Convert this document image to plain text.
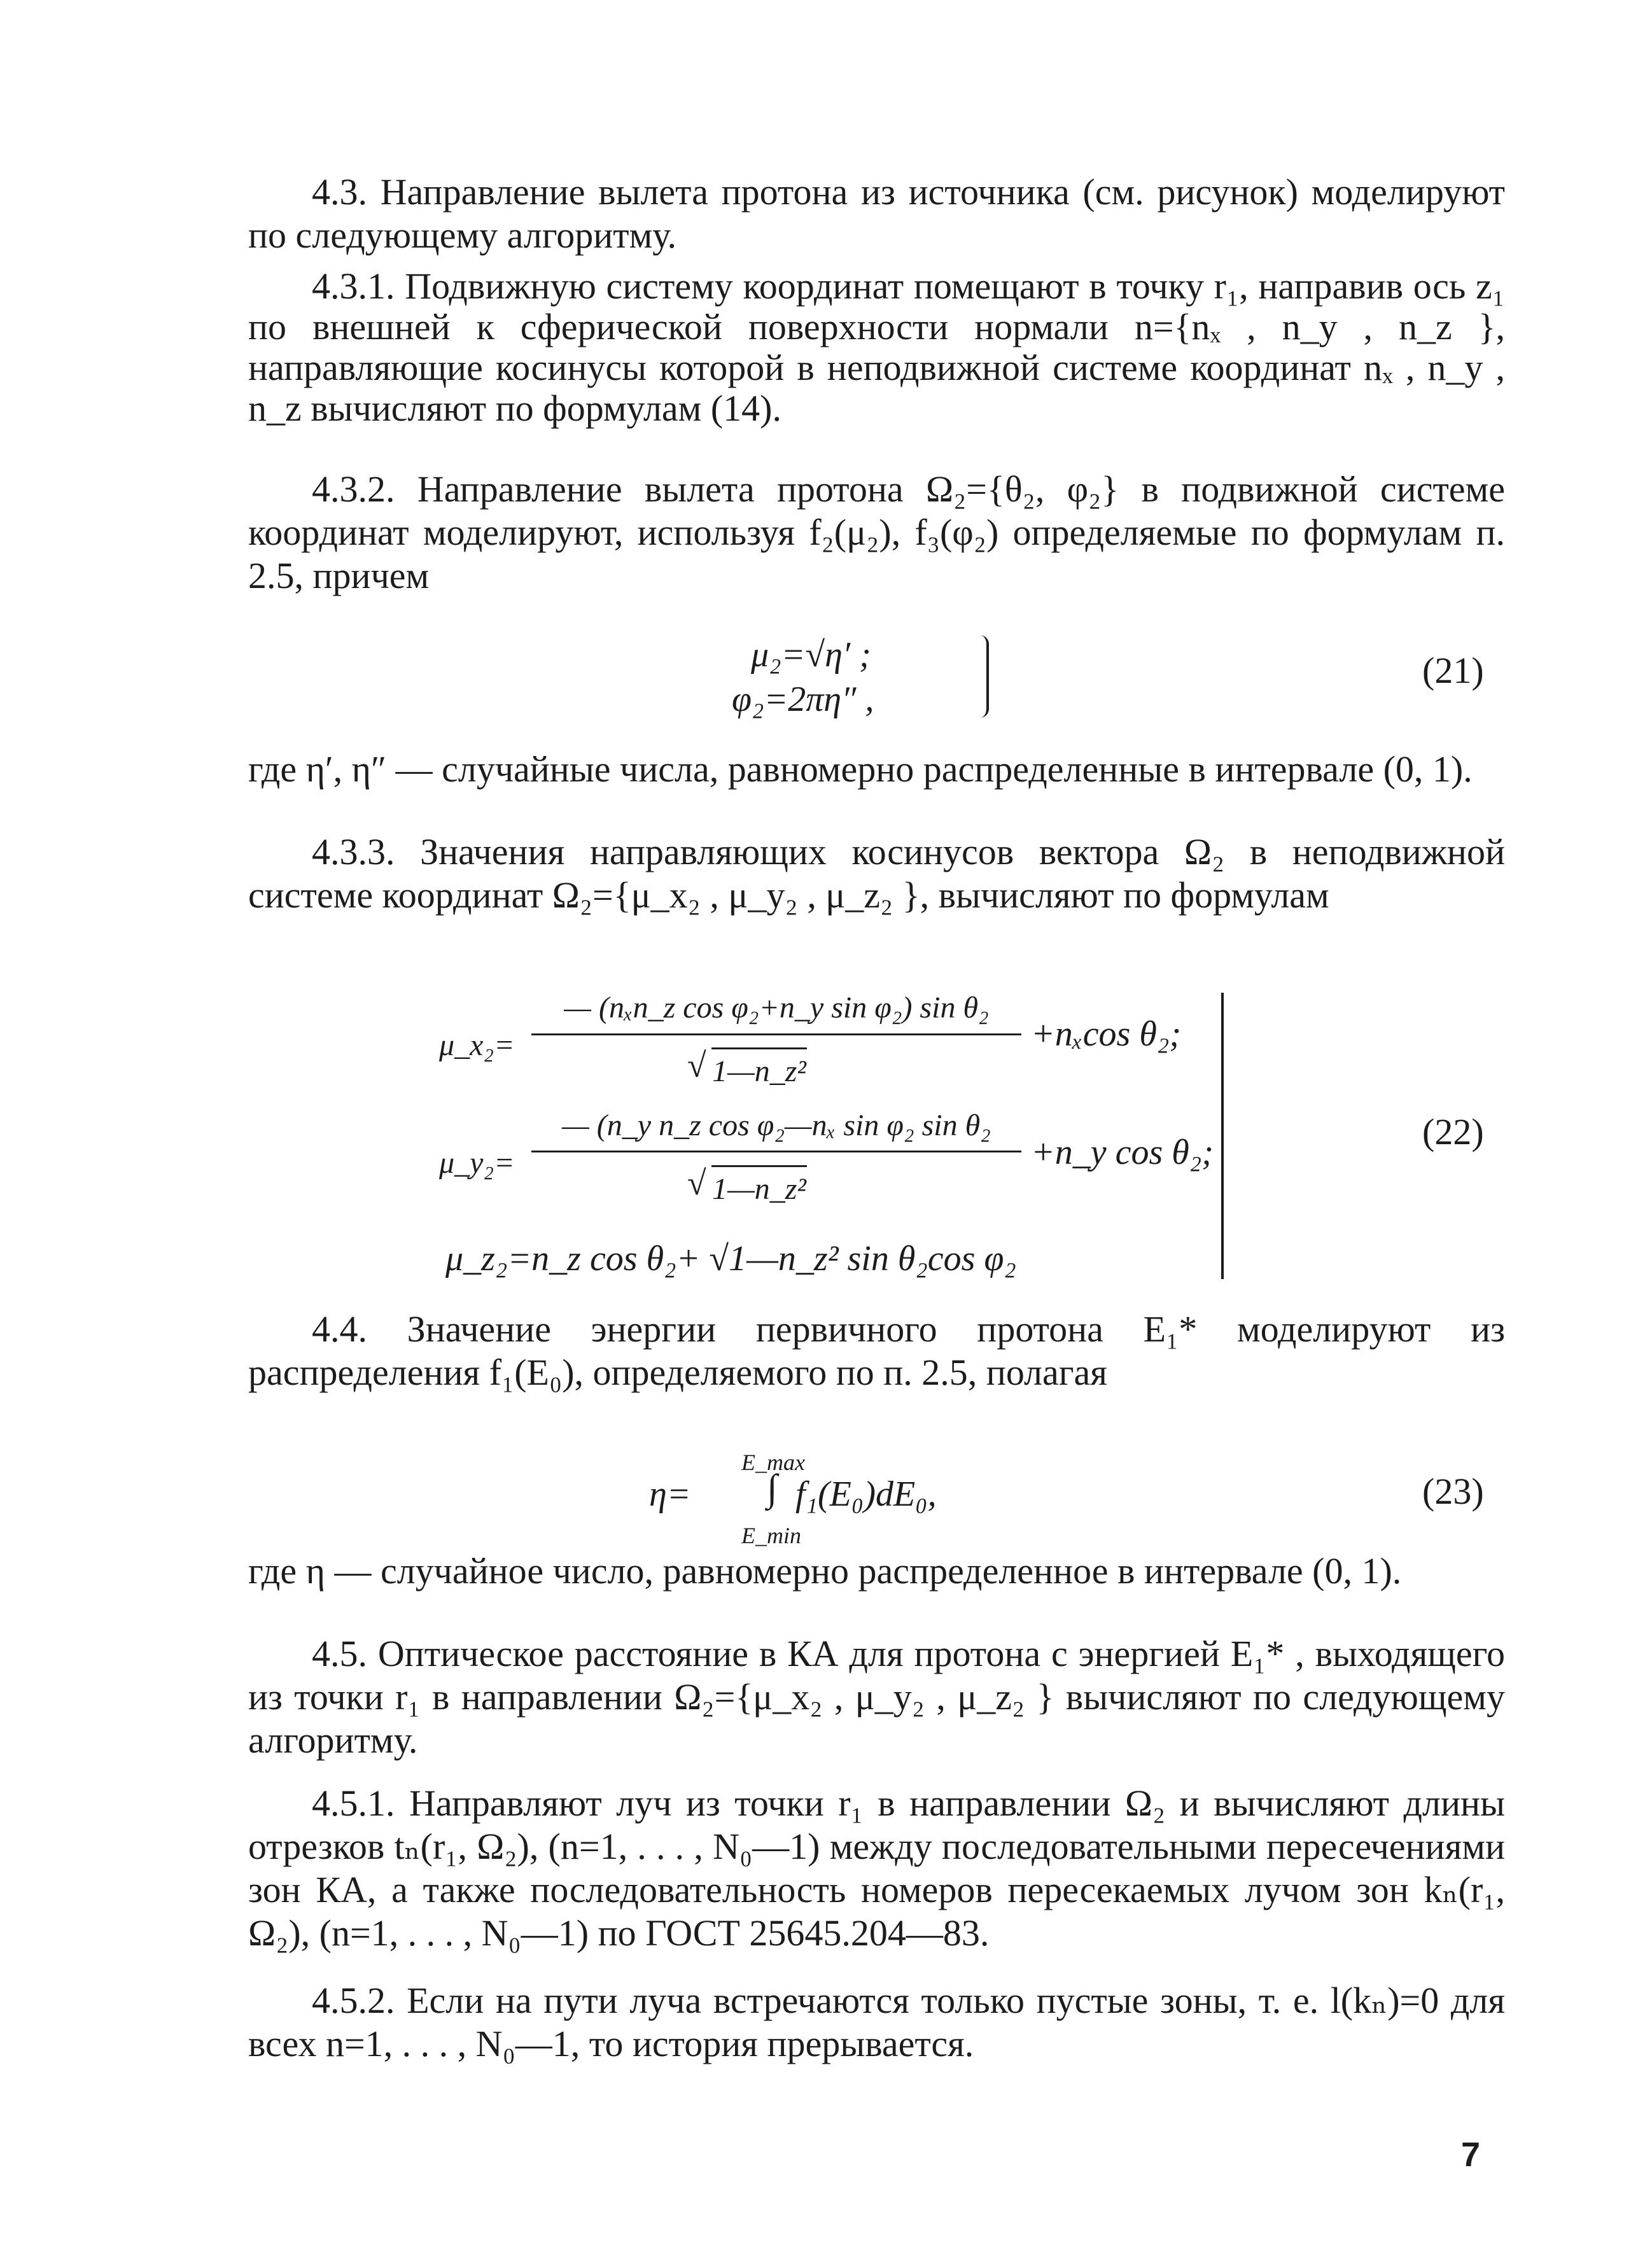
4.3. Направление вылета протона из источника (см. рисунок) моделируют по следующему алгоритму.

4.3.1. Подвижную систему координат помещают в точку r₁, направив ось z₁ по внешней к сферической поверхности нормали n={nₓ , n_y , n_z }, направляющие косинусы которой в неподвижной системе координат nₓ , n_y , n_z вычисляют по формулам (14).

4.3.2. Направление вылета протона Ω₂={θ₂, φ₂} в подвижной системе координат моделируют, используя f₂(μ₂), f₃(φ₂) определяемые по формулам п. 2.5, причем

μ₂=√η′ ;
φ₂=2πη″ ,
(21)

где η′, η″ — случайные числа, равномерно распределенные в интервале (0, 1).

4.3.3. Значения направляющих косинусов вектора Ω₂ в неподвижной системе координат Ω₂={μ_x₂ , μ_y₂ , μ_z₂ }, вычисляют по формулам

μ_x₂=
— (nₓn_z cos φ₂+n_y sin φ₂) sin θ₂
√ 1—n_z²
+nₓcos θ₂;
μ_y₂=
— (n_y n_z cos φ₂—nₓ sin φ₂ sin θ₂
√ 1—n_z²
+n_y cos θ₂;
μ_z₂=n_z cos θ₂+ √1—n_z² sin θ₂cos φ₂
(22)

4.4. Значение энергии первичного протона E₁* моделируют из распределения f₁(E₀), определяемого по п. 2.5, полагая

η=
E_max
∫ f₁(E₀)dE₀,
E_min
(23)

где η — случайное число, равномерно распределенное в интервале (0, 1).

4.5. Оптическое расстояние в КА для протона с энергией E₁* , выходящего из точки r₁ в направлении Ω₂={μ_x₂ , μ_y₂ , μ_z₂ } вычисляют по следующему алгоритму.

4.5.1. Направляют луч из точки r₁ в направлении Ω₂ и вычисляют длины отрезков tₙ(r₁, Ω₂), (n=1, . . . , N₀—1) между последовательными пересечениями зон КА, а также последовательность номеров пересекаемых лучом зон kₙ(r₁, Ω₂), (n=1, . . . , N₀—1) по ГОСТ 25645.204—83.

4.5.2. Если на пути луча встречаются только пустые зоны, т. е. l(kₙ)=0 для всех n=1, . . . , N₀—1, то история прерывается.

7
